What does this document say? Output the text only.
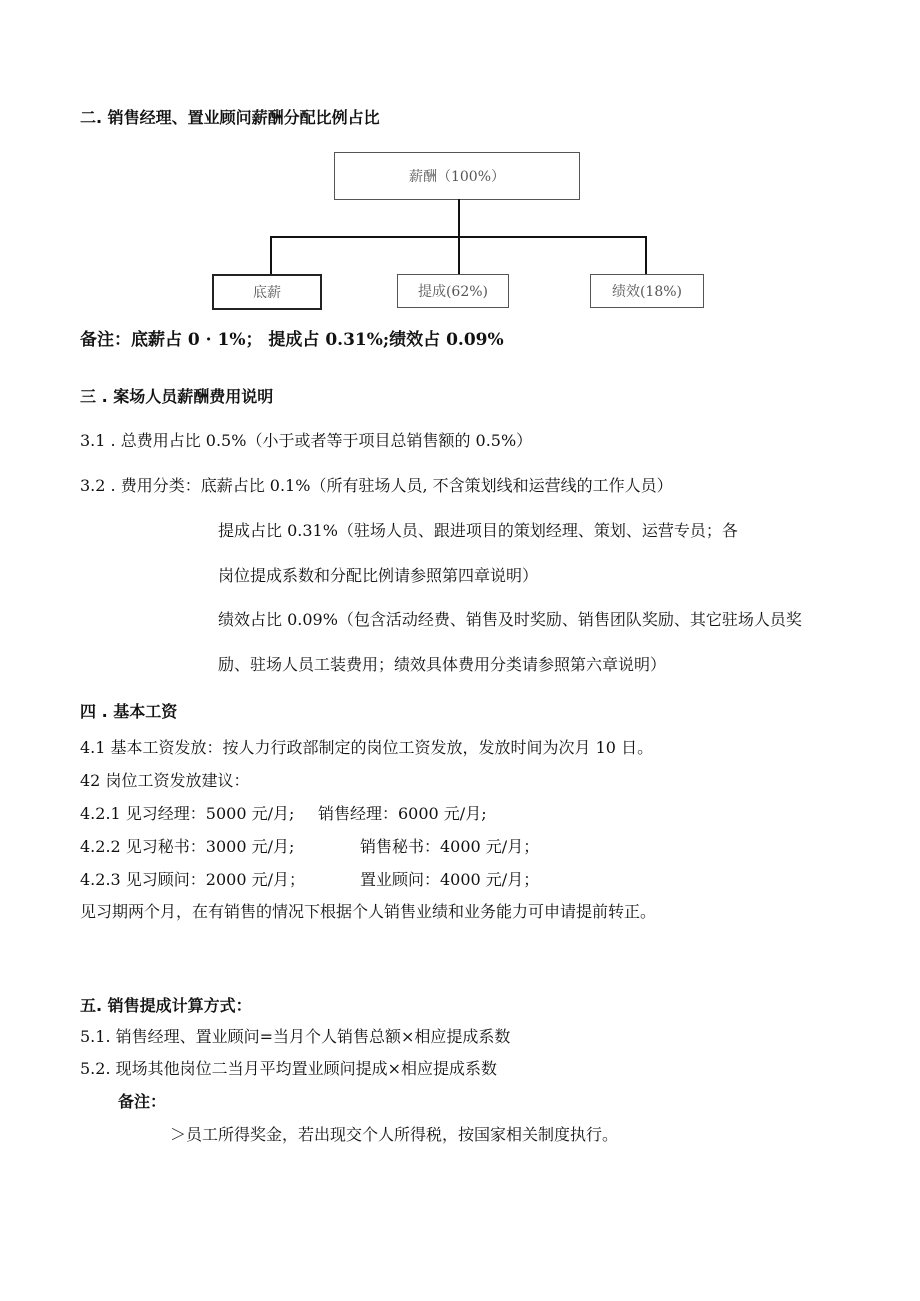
二. 销售经理、置业顾问薪酬分配比例占比
薪酬（100%）
底薪	提成(62%)	绩效(18%)
备注：底薪占 0 · 1%； 提成占 0.31%;绩效占 0.09%
三 . 案场人员薪酬费用说明
3.1 . 总费用占比 0.5%（小于或者等于项目总销售额的 0.5%）
3.2 . 费用分类：底薪占比 0.1%（所有驻场人员, 不含策划线和运营线的工作人员）
提成占比 0.31%（驻场人员、跟进项目的策划经理、策划、运营专员；各
岗位提成系数和分配比例请参照第四章说明）
绩效占比 0.09%（包含活动经费、销售及时奖励、销售团队奖励、其它驻场人员奖
励、驻场人员工装费用；绩效具体费用分类请参照第六章说明）
四 . 基本工资
4.1 基本工资发放：按人力行政部制定的岗位工资发放，发放时间为次月 10 日。
42 岗位工资发放建议：
4.2.1 见习经理：5000 元/月; 销售经理：6000 元/月;
4.2.2 见习秘书：3000 元/月;	销售秘书：4000 元/月；
4.2.3 见习顾问：2000 元/月；	置业顾问：4000 元/月；
见习期两个月，在有销售的情况下根据个人销售业绩和业务能力可申请提前转正。
五. 销售提成计算方式：
5.1. 销售经理、置业顾问=当月个人销售总额×相应提成系数
5.2. 现场其他岗位二当月平均置业顾问提成×相应提成系数
备注：
＞员工所得奖金，若出现交个人所得税，按国家相关制度执行。
